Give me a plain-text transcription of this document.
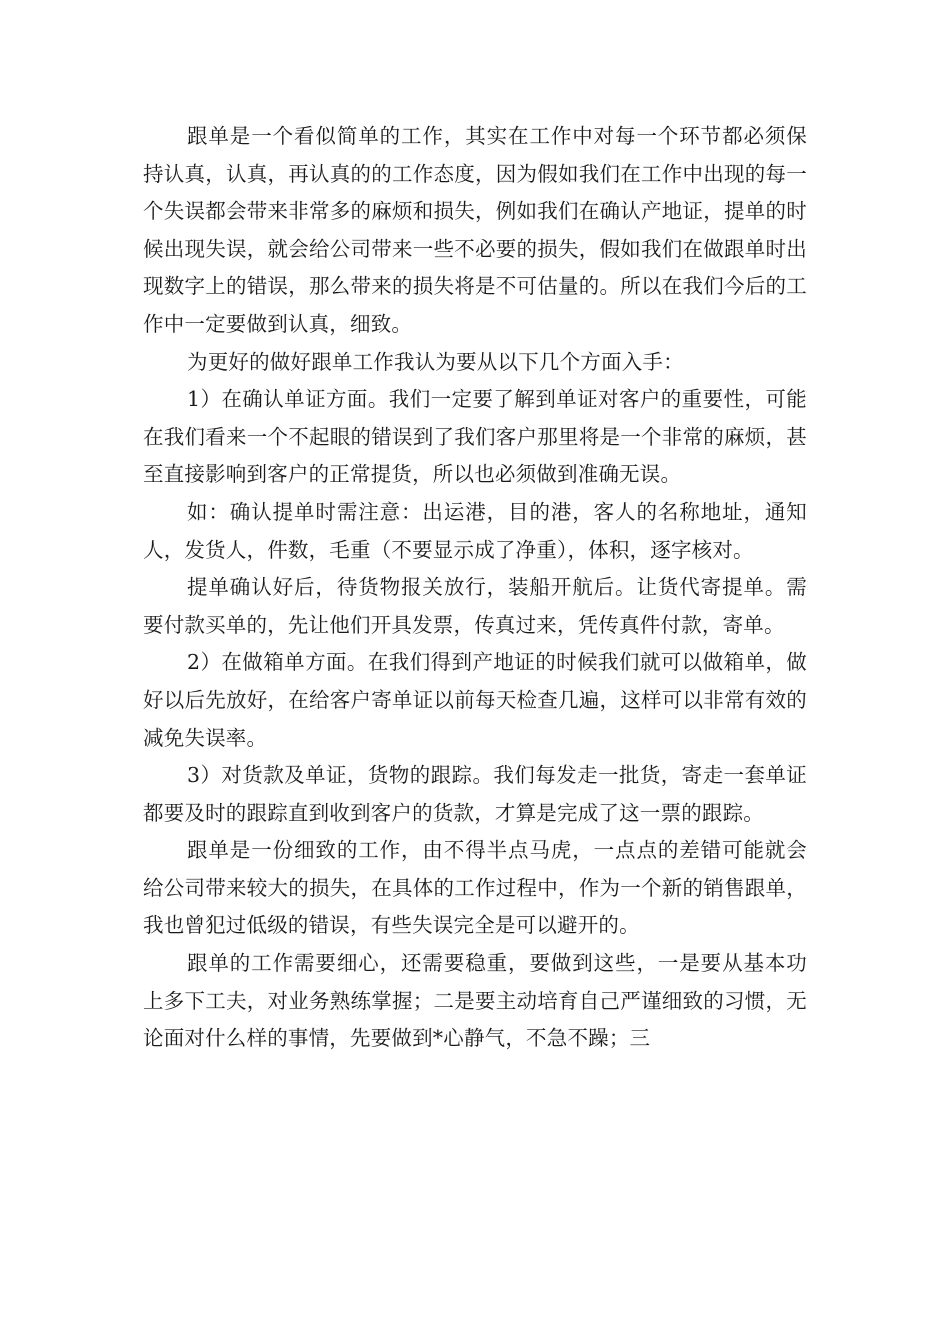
跟单是一个看似简单的工作，其实在工作中对每一个环节都必须保持认真，认真，再认真的的工作态度，因为假如我们在工作中出现的每一个失误都会带来非常多的麻烦和损失，例如我们在确认产地证，提单的时候出现失误，就会给公司带来一些不必要的损失，假如我们在做跟单时出现数字上的错误，那么带来的损失将是不可估量的。所以在我们今后的工作中一定要做到认真，细致。

为更好的做好跟单工作我认为要从以下几个方面入手：

1）在确认单证方面。我们一定要了解到单证对客户的重要性，可能在我们看来一个不起眼的错误到了我们客户那里将是一个非常的麻烦，甚至直接影响到客户的正常提货，所以也必须做到准确无误。

如：确认提单时需注意：出运港，目的港，客人的名称地址，通知人，发货人，件数，毛重（不要显示成了净重），体积，逐字核对。

提单确认好后，待货物报关放行，装船开航后。让货代寄提单。需要付款买单的，先让他们开具发票，传真过来，凭传真件付款，寄单。

2）在做箱单方面。在我们得到产地证的时候我们就可以做箱单，做好以后先放好，在给客户寄单证以前每天检查几遍，这样可以非常有效的减免失误率。

3）对货款及单证，货物的跟踪。我们每发走一批货，寄走一套单证都要及时的跟踪直到收到客户的货款，才算是完成了这一票的跟踪。

跟单是一份细致的工作，由不得半点马虎，一点点的差错可能就会给公司带来较大的损失，在具体的工作过程中，作为一个新的销售跟单，我也曾犯过低级的错误，有些失误完全是可以避开的。

跟单的工作需要细心，还需要稳重，要做到这些，一是要从基本功上多下工夫，对业务熟练掌握；二是要主动培育自己严谨细致的习惯，无论面对什么样的事情，先要做到*心静气，不急不躁；三
